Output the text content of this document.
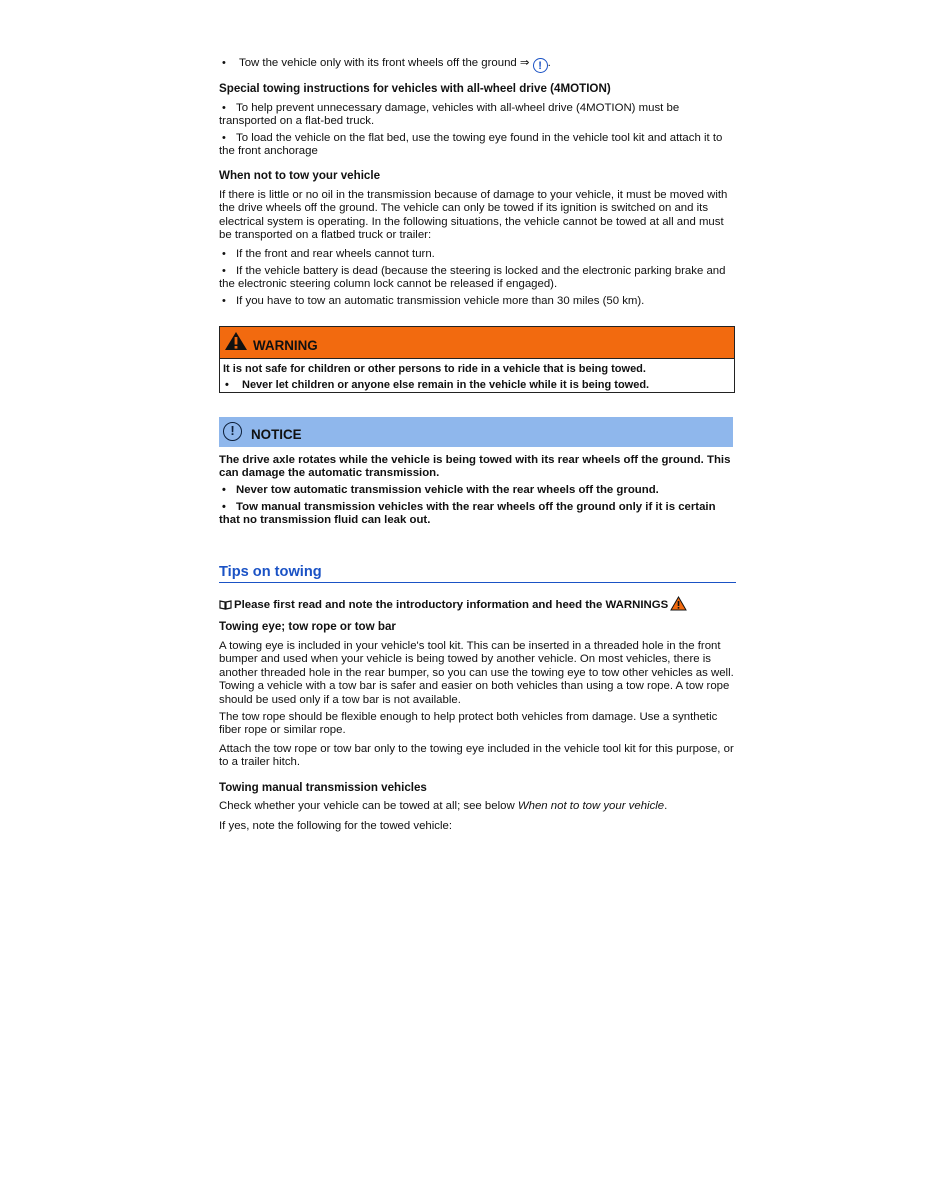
• Tow the vehicle only with its front wheels off the ground ⇒ ! .
Special towing instructions for vehicles with all-wheel drive (4MOTION)
• To help prevent unnecessary damage, vehicles with all-wheel drive (4MOTION) must be transported on a flat-bed truck.
• To load the vehicle on the flat bed, use the towing eye found in the vehicle tool kit and attach it to the front anchorage
When not to tow your vehicle
If there is little or no oil in the transmission because of damage to your vehicle, it must be moved with the drive wheels off the ground. The vehicle can only be towed if its ignition is switched on and its electrical system is operating. In the following situations, the vehicle cannot be towed at all and must be transported on a flatbed truck or trailer:
• If the front and rear wheels cannot turn.
• If the vehicle battery is dead (because the steering is locked and the electronic parking brake and the electronic steering column lock cannot be released if engaged).
• If you have to tow an automatic transmission vehicle more than 30 miles (50 km).
WARNING
It is not safe for children or other persons to ride in a vehicle that is being towed.
• Never let children or anyone else remain in the vehicle while it is being towed.
!	NOTICE
The drive axle rotates while the vehicle is being towed with its rear wheels off the ground. This can damage the automatic transmission.
• Never tow automatic transmission vehicle with the rear wheels off the ground.
• Tow manual transmission vehicles with the rear wheels off the ground only if it is certain that no transmission fluid can leak out.
Tips on towing
Please first read and note the introductory information and heed the WARNINGS
Towing eye; tow rope or tow bar
A towing eye is included in your vehicle's tool kit. This can be inserted in a threaded hole in the front bumper and used when your vehicle is being towed by another vehicle. On most vehicles, there is another threaded hole in the rear bumper, so you can use the towing eye to tow other vehicles as well. Towing a vehicle with a tow bar is safer and easier on both vehicles than using a tow rope. A tow rope should be used only if a tow bar is not available.
The tow rope should be flexible enough to help protect both vehicles from damage. Use a synthetic fiber rope or similar rope.
Attach the tow rope or tow bar only to the towing eye included in the vehicle tool kit for this purpose, or to a trailer hitch.
Towing manual transmission vehicles
Check whether your vehicle can be towed at all; see below When not to tow your vehicle.
If yes, note the following for the towed vehicle:
